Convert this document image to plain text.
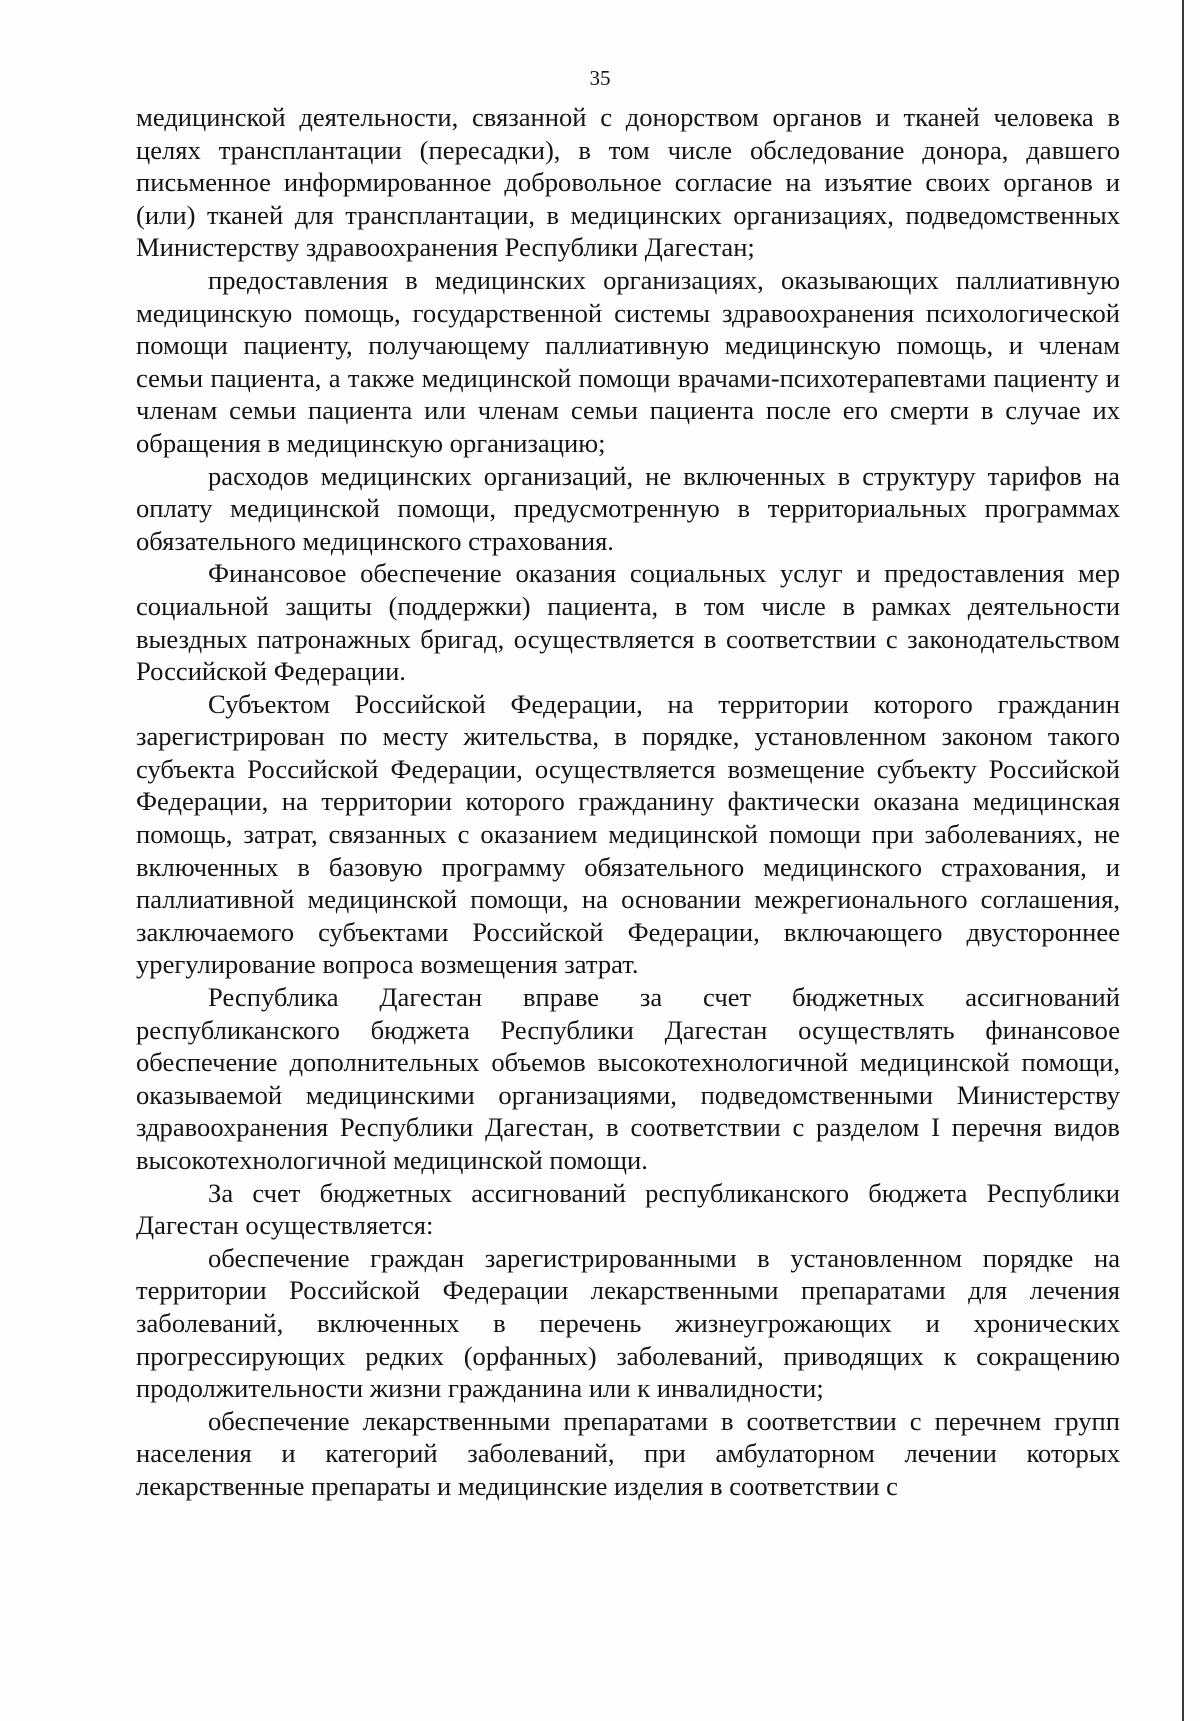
35

медицинской деятельности, связанной с донорством органов и тканей человека в целях трансплантации (пересадки), в том числе обследование донора, давшего письменное информированное добровольное согласие на изъятие своих органов и (или) тканей для трансплантации, в медицинских организациях, подведомственных Министерству здравоохранения Республики Дагестан;

предоставления в медицинских организациях, оказывающих паллиативную медицинскую помощь, государственной системы здравоохранения психологической помощи пациенту, получающему паллиативную медицинскую помощь, и членам семьи пациента, а также медицинской помощи врачами-психотерапевтами пациенту и членам семьи пациента или членам семьи пациента после его смерти в случае их обращения в медицинскую организацию;

расходов медицинских организаций, не включенных в структуру тарифов на оплату медицинской помощи, предусмотренную в территориальных программах обязательного медицинского страхования.

Финансовое обеспечение оказания социальных услуг и предоставления мер социальной защиты (поддержки) пациента, в том числе в рамках деятельности выездных патронажных бригад, осуществляется в соответствии с законодательством Российской Федерации.

Субъектом Российской Федерации, на территории которого гражданин зарегистрирован по месту жительства, в порядке, установленном законом такого субъекта Российской Федерации, осуществляется возмещение субъекту Российской Федерации, на территории которого гражданину фактически оказана медицинская помощь, затрат, связанных с оказанием медицинской помощи при заболеваниях, не включенных в базовую программу обязательного медицинского страхования, и паллиативной медицинской помощи, на основании межрегионального соглашения, заключаемого субъектами Российской Федерации, включающего двустороннее урегулирование вопроса возмещения затрат.

Республика Дагестан вправе за счет бюджетных ассигнований республиканского бюджета Республики Дагестан осуществлять финансовое обеспечение дополнительных объемов высокотехнологичной медицинской помощи, оказываемой медицинскими организациями, подведомственными Министерству здравоохранения Республики Дагестан, в соответствии с разделом I перечня видов высокотехнологичной медицинской помощи.

За счет бюджетных ассигнований республиканского бюджета Республики Дагестан осуществляется:

обеспечение граждан зарегистрированными в установленном порядке на территории Российской Федерации лекарственными препаратами для лечения заболеваний, включенных в перечень жизнеугрожающих и хронических прогрессирующих редких (орфанных) заболеваний, приводящих к сокращению продолжительности жизни гражданина или к инвалидности;

обеспечение лекарственными препаратами в соответствии с перечнем групп населения и категорий заболеваний, при амбулаторном лечении которых лекарственные препараты и медицинские изделия в соответствии с
